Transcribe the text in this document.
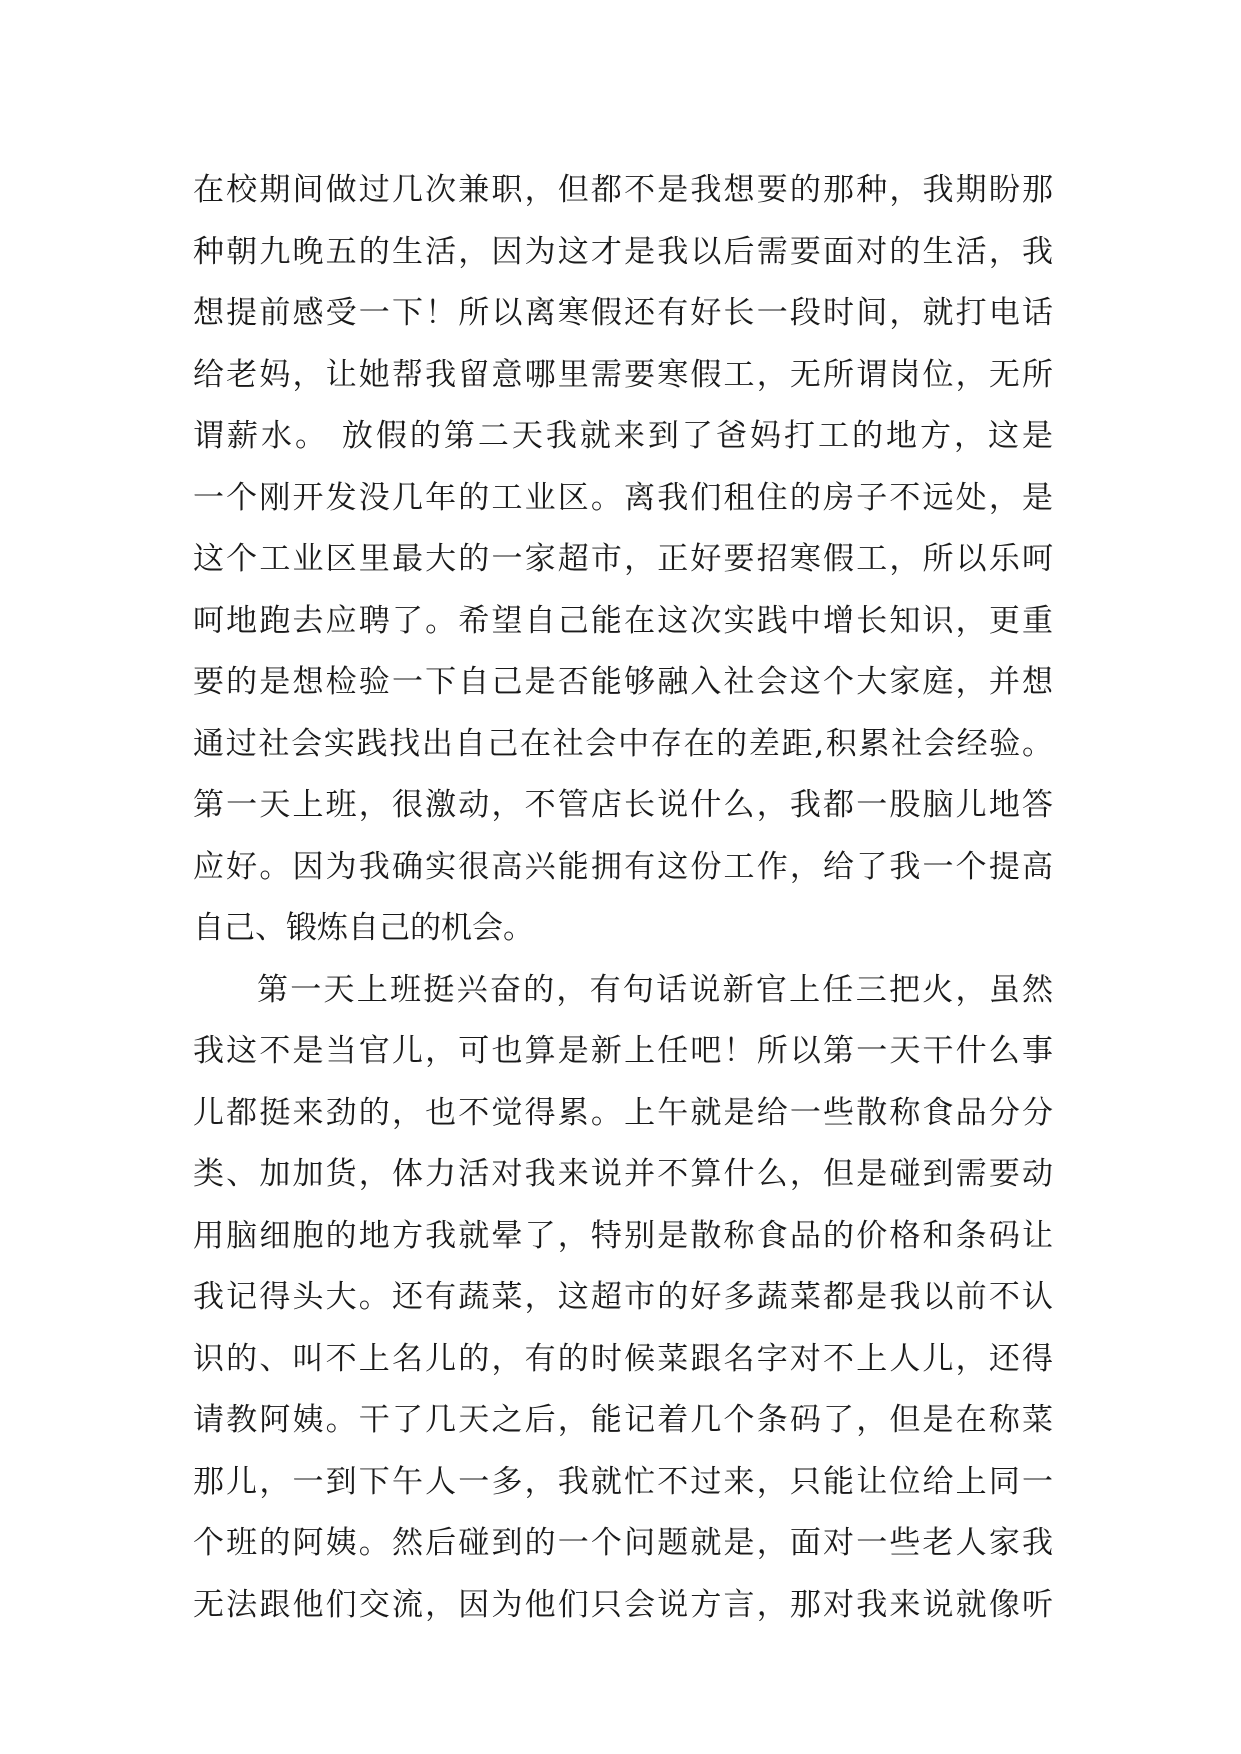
在校期间做过几次兼职，但都不是我想要的那种，我期盼那
种朝九晚五的生活，因为这才是我以后需要面对的生活，我
想提前感受一下！所以离寒假还有好长一段时间，就打电话
给老妈，让她帮我留意哪里需要寒假工，无所谓岗位，无所
谓薪水。 放假的第二天我就来到了爸妈打工的地方，这是
一个刚开发没几年的工业区。离我们租住的房子不远处，是
这个工业区里最大的一家超市，正好要招寒假工，所以乐呵
呵地跑去应聘了。希望自己能在这次实践中增长知识，更重
要的是想检验一下自己是否能够融入社会这个大家庭，并想
通过社会实践找出自己在社会中存在的差距,积累社会经验。
第一天上班，很激动，不管店长说什么，我都一股脑儿地答
应好。因为我确实很高兴能拥有这份工作，给了我一个提高
自己、锻炼自己的机会。
第一天上班挺兴奋的，有句话说新官上任三把火，虽然
我这不是当官儿，可也算是新上任吧！所以第一天干什么事
儿都挺来劲的，也不觉得累。上午就是给一些散称食品分分
类、加加货，体力活对我来说并不算什么，但是碰到需要动
用脑细胞的地方我就晕了，特别是散称食品的价格和条码让
我记得头大。还有蔬菜，这超市的好多蔬菜都是我以前不认
识的、叫不上名儿的，有的时候菜跟名字对不上人儿，还得
请教阿姨。干了几天之后，能记着几个条码了，但是在称菜
那儿，一到下午人一多，我就忙不过来，只能让位给上同一
个班的阿姨。然后碰到的一个问题就是，面对一些老人家我
无法跟他们交流，因为他们只会说方言，那对我来说就像听
